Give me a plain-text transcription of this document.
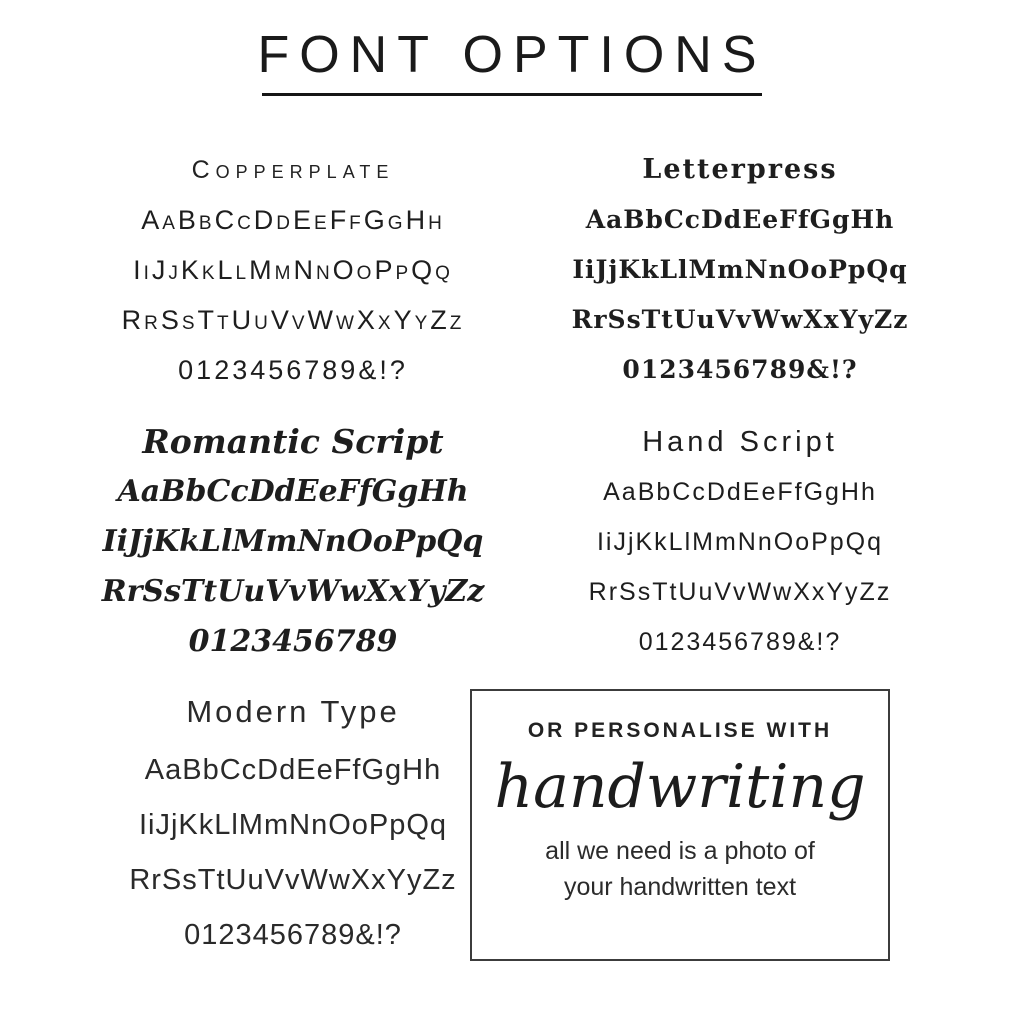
FONT OPTIONS
Copperplate
AaBbCcDdEeFfGgHh
IiJjKkLlMmNnOoPpQq
RrSsTtUuVvWwXxYyZz
0123456789&!?
Romantic Script
AaBbCcDdEeFfGgHh
IiJjKkLlMmNnOoPpQq
RrSsTtUuVvWwXxYyZz
0123456789
Modern Type
AaBbCcDdEeFfGgHh
IiJjKkLlMmNnOoPpQq
RrSsTtUuVvWwXxYyZz
0123456789&!?
Letterpress
AaBbCcDdEeFfGgHh
IiJjKkLlMmNnOoPpQq
RrSsTtUuVvWwXxYyZz
0123456789&!?
Hand Script
AaBbCcDdEeFfGgHh
IiJjKkLlMmNnOoPpQq
RrSsTtUuVvWwXxYyZz
0123456789&!?
OR PERSONALISE WITH
handwriting
all we need is a photo of
your handwritten text
